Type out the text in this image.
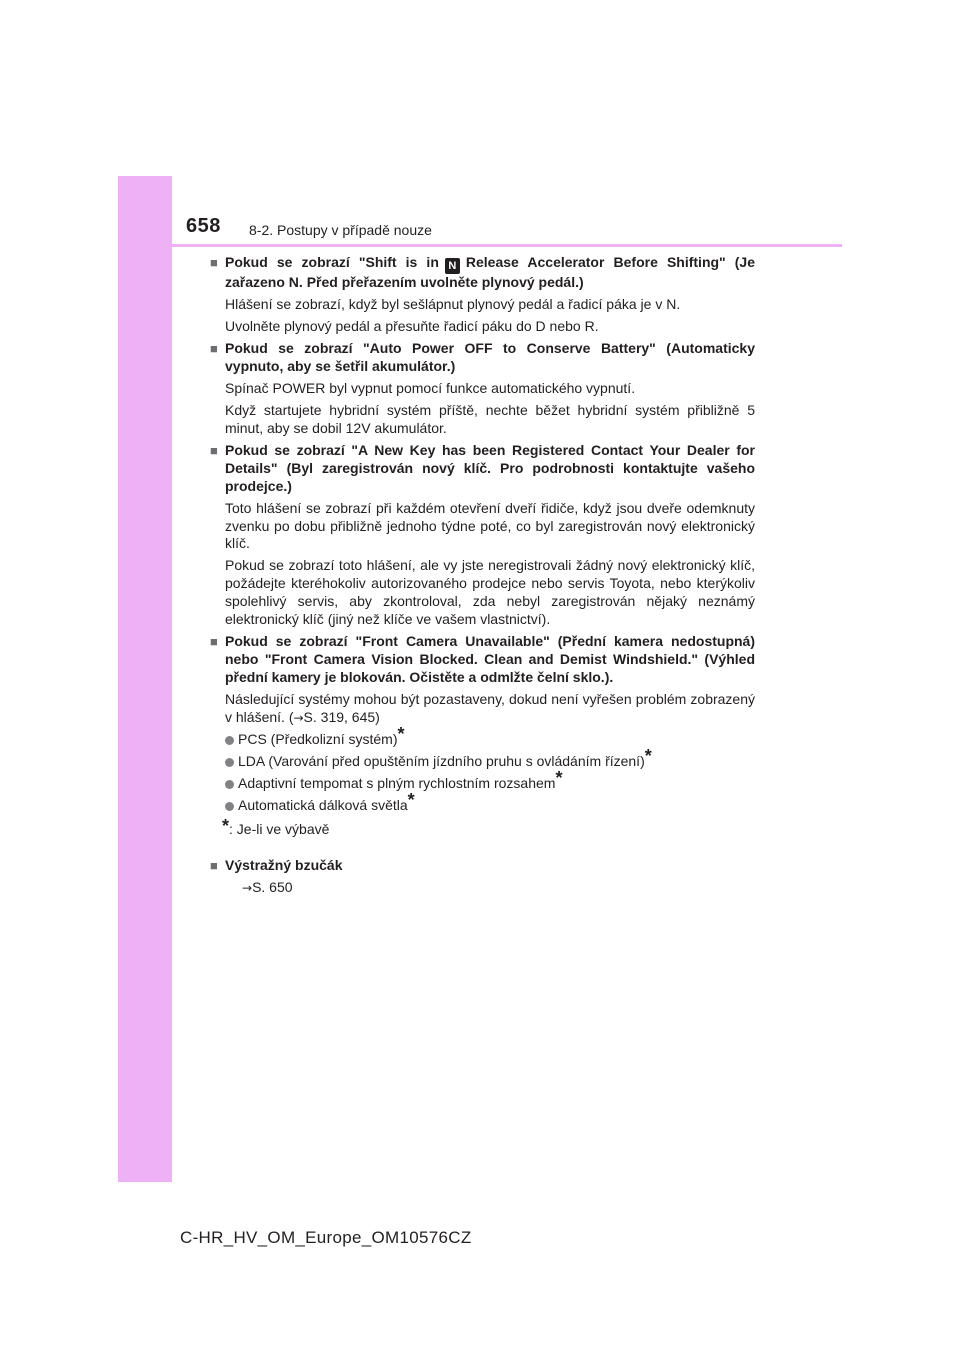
658 8-2. Postupy v případě nouze
■ Pokud se zobrazí "Shift is in N Release Accelerator Before Shifting" (Je zařazeno N. Před přeřazením uvolněte plynový pedál.)
Hlášení se zobrazí, když byl sešlápnut plynový pedál a řadicí páka je v N.
Uvolněte plynový pedál a přesuňte řadicí páku do D nebo R.
■ Pokud se zobrazí "Auto Power OFF to Conserve Battery" (Automaticky vypnuto, aby se šetřil akumulátor.)
Spínač POWER byl vypnut pomocí funkce automatického vypnutí.
Když startujete hybridní systém příště, nechte běžet hybridní systém přibližně 5 minut, aby se dobil 12V akumulátor.
■ Pokud se zobrazí "A New Key has been Registered Contact Your Dealer for Details" (Byl zaregistrován nový klíč. Pro podrobnosti kontaktujte vašeho prodejce.)
Toto hlášení se zobrazí při každém otevření dveří řidiče, když jsou dveře odemknuty zvenku po dobu přibližně jednoho týdne poté, co byl zaregistrován nový elektronický klíč.
Pokud se zobrazí toto hlášení, ale vy jste neregistrovali žádný nový elektronický klíč, požádejte kteréhokoliv autorizovaného prodejce nebo servis Toyota, nebo kterýkoliv spolehlivý servis, aby zkontroloval, zda nebyl zaregistrován nějaký neznámý elektronický klíč (jiný než klíče ve vašem vlastnictví).
■ Pokud se zobrazí "Front Camera Unavailable" (Přední kamera nedostupná) nebo "Front Camera Vision Blocked. Clean and Demist Windshield." (Výhled přední kamery je blokován. Očistěte a odmlžte čelní sklo.).
Následující systémy mohou být pozastaveny, dokud není vyřešen problém zobrazený v hlášení. (→S. 319, 645)
PCS (Předkolizní systém)*
LDA (Varování před opuštěním jízdního pruhu s ovládáním řízení)*
Adaptivní tempomat s plným rychlostním rozsahem*
Automatická dálková světla*
*: Je-li ve výbavě
■ Výstražný bzučák
→S. 650
C-HR_HV_OM_Europe_OM10576CZ
